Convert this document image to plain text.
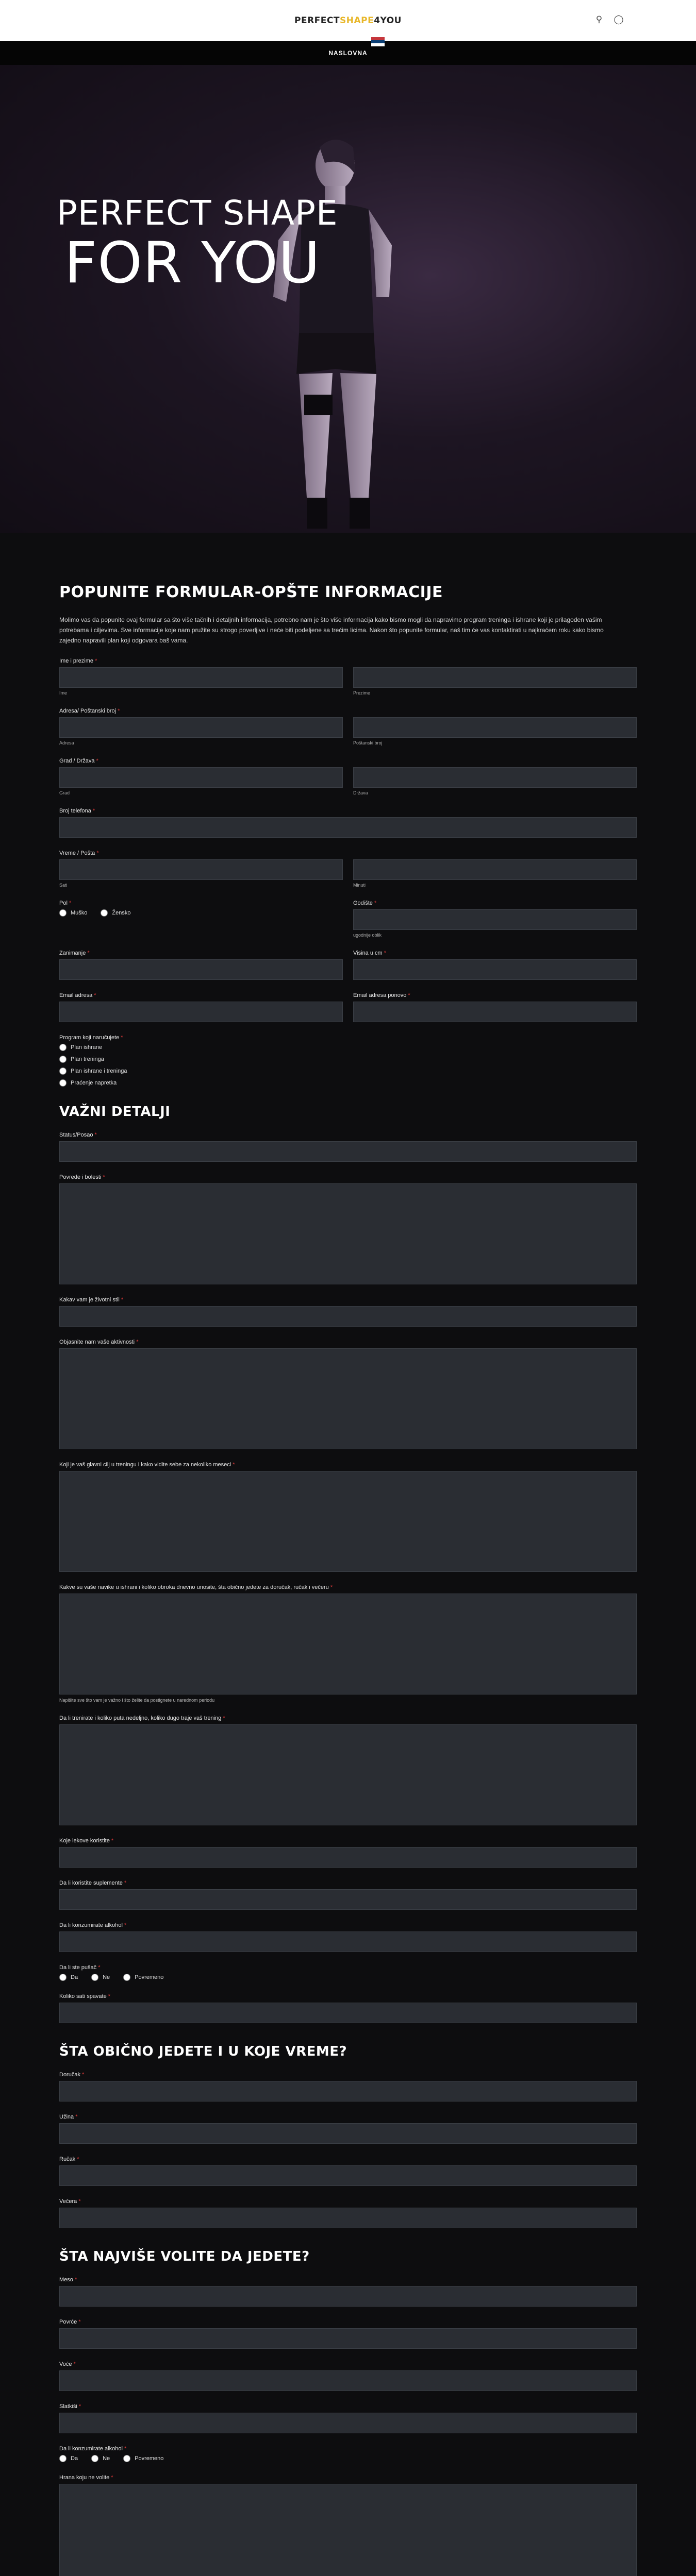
PERFECTSHAPE4YOU	⚲ ◯
NASLOVNA
PERFECT SHAPE
FOR YOU
POPUNITE FORMULAR-OPŠTE INFORMACIJE

Molimo vas da popunite ovaj formular sa što više tačnih i detaljnih informacija, potrebno nam je što više informacija kako bismo mogli da napravimo program treninga i ishrane koji je prilagođen vašim potrebama i ciljevima. Sve informacije koje nam pružite su strogo poverljive i neće biti podeljene sa trećim licima. Nakon što popunite formular, naš tim će vas kontaktirati u najkraćem roku kako bismo zajedno napravili plan koji odgovara baš vama.

Ime i prezime *
Ime	Prezime
Adresa/ Poštanski broj *
Adresa	Poštanski broj
Grad / Država *
Grad	Država
Broj telefona *
Vreme / Pošta *
Sati	Minuti
Pol *
Muško	Žensko
Godište *
ugodnije oblik
Zanimanje *	Visina u cm *
Email adresa *	Email adresa ponovo *
Program koji naručujete *
Plan ishrane
Plan treninga
Plan ishrane i treninga
Praćenje napretka
VAŽNI DETALJI
Status/Posao *
Povrede i bolesti *
Kakav vam je životni stil *
Objasnite nam vaše aktivnosti *
Koji je vaš glavni cilj u treningu i kako vidite sebe za nekoliko meseci *
Kakve su vaše navike u ishrani i koliko obroka dnevno unosite, šta obično jedete za doručak, ručak i večeru *
Napišite sve što vam je važno i što želite da postignete u narednom periodu
Da li trenirate i koliko puta nedeljno, koliko dugo traje vaš trening *
Koje lekove koristite *
Da li koristite suplemente *
Da li konzumirate alkohol *
Da li ste pušač *
Da	Ne	Povremeno
Koliko sati spavate *
ŠTA OBIČNO JEDETE I U KOJE VREME?
Doručak *
Užina *
Ručak *
Večera *
ŠTA NAJVIŠE VOLITE DA JEDETE?
Meso *
Povrće *
Voće *
Slatkiši *
Da li konzumirate alkohol *
Da	Ne	Povremeno
Hrana koju ne volite *
